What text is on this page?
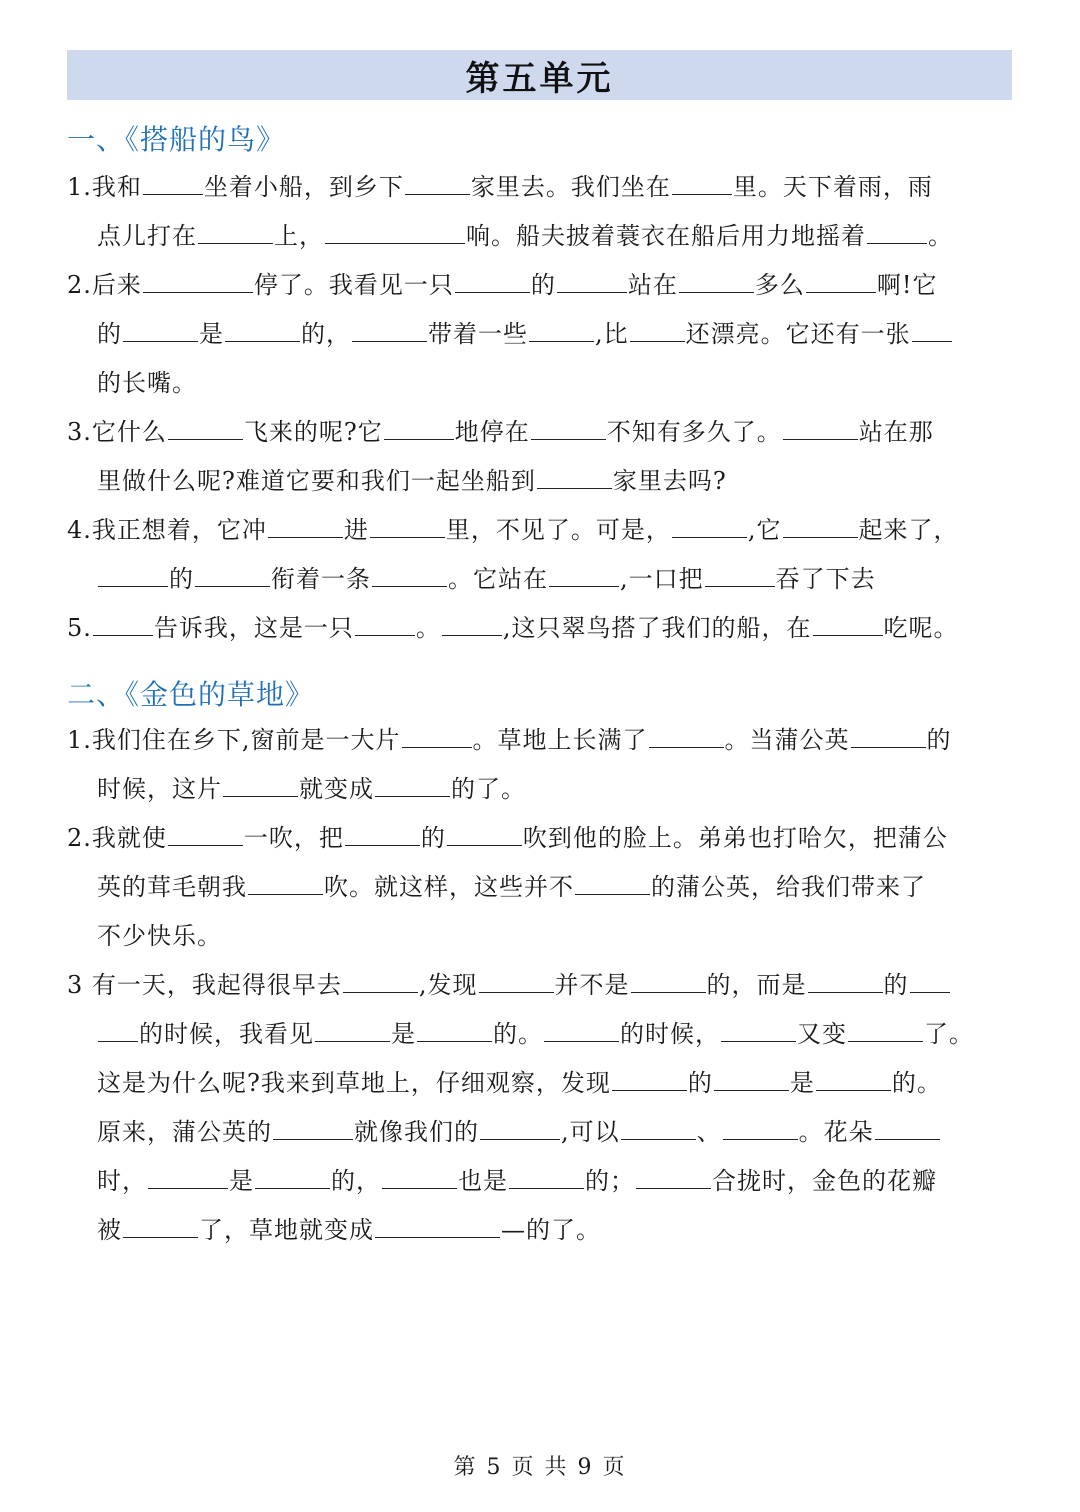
第五单元
一、《搭船的鸟》
1.我和	坐着小船，到乡下	家里去。我们坐在	里。天下着雨，雨
点儿打在	上，	响。船夫披着蓑衣在船后用力地摇着	。
2.后来	停了。我看见一只	的	站在	多么	啊!它
的	是	的，	带着一些	,比 还漂亮。它还有一张
的长嘴。
3.它什么	飞来的呢?它	地停在	不知有多久了。	站在那
里做什么呢?难道它要和我们一起坐船到	家里去吗?
4.我正想着，它冲	进	里，不见了。可是，	,它	起来了，
的	衔着一条	。它站在	,一口把	吞了下去
5.	告诉我，这是一只	。	,这只翠鸟搭了我们的船，在	吃呢。
二、《金色的草地》
1.我们住在乡下,窗前是一大片	。草地上长满了	。当蒲公英	的
时候，这片	就变成	的了。
2.我就使	一吹，把	的	吹到他的脸上。弟弟也打哈欠，把蒲公
英的茸毛朝我	吹。就这样，这些并不	的蒲公英，给我们带来了
不少快乐。
3 有一天，我起得很早去	,发现	并不是	的，而是	的
的时候，我看见	是	的。	的时候，	又变	了。
这是为什么呢?我来到草地上，仔细观察，发现	的	是	的。
原来，蒲公英的	就像我们的	,可以	、	。花朵
时，	是	的，	也是	的；	合拢时，金色的花瓣
被	了，草地就变成	—的了。
第 5 页 共 9 页
